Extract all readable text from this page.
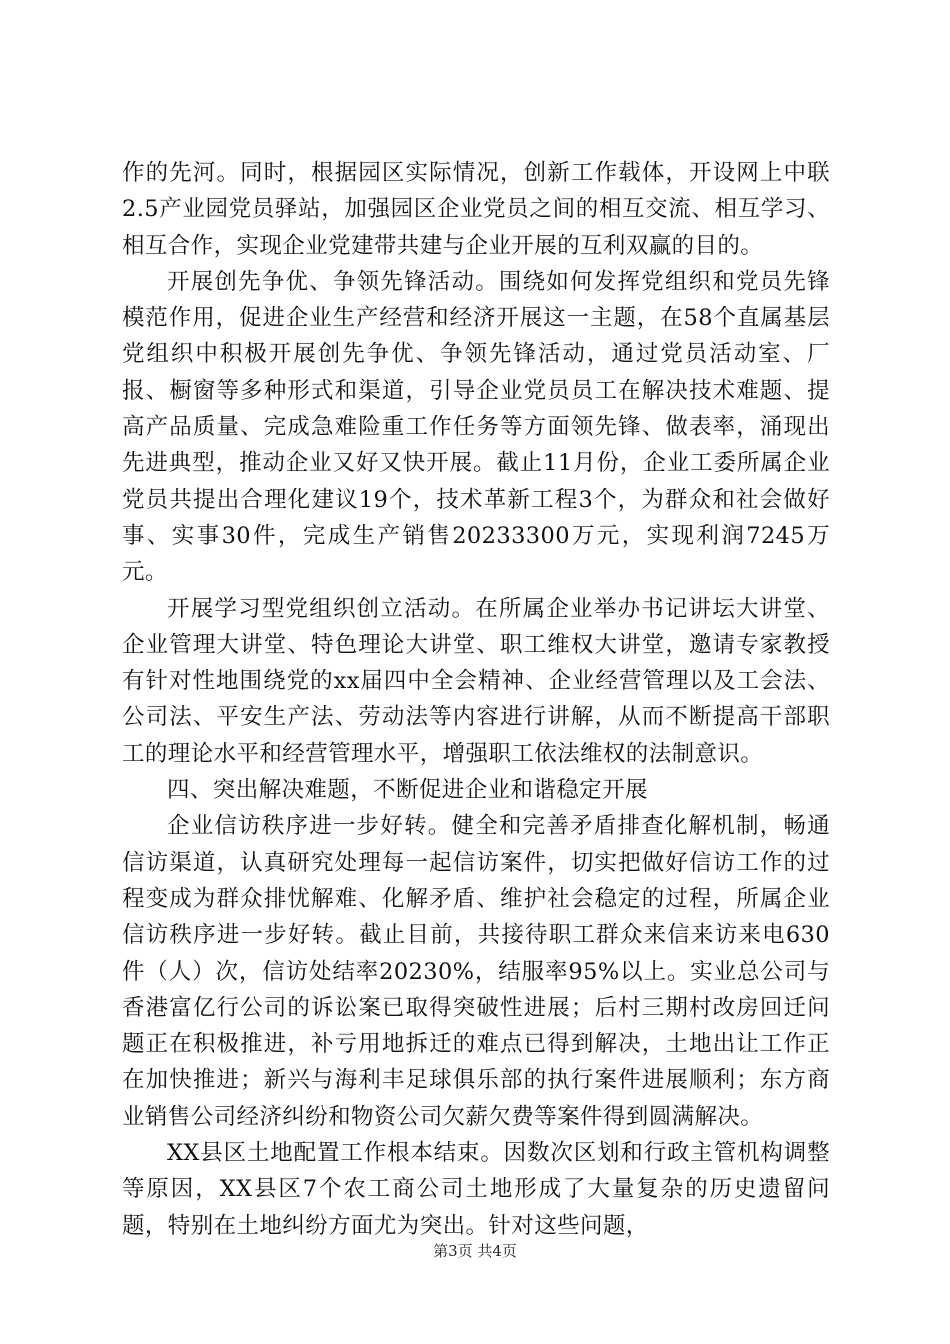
作的先河。同时，根据园区实际情况，创新工作载体，开设网上中联2.5产业园党员驿站，加强园区企业党员之间的相互交流、相互学习、相互合作，实现企业党建带共建与企业开展的互利双赢的目的。

开展创先争优、争领先锋活动。围绕如何发挥党组织和党员先锋模范作用，促进企业生产经营和经济开展这一主题，在58个直属基层党组织中积极开展创先争优、争领先锋活动，通过党员活动室、厂报、橱窗等多种形式和渠道，引导企业党员员工在解决技术难题、提高产品质量、完成急难险重工作任务等方面领先锋、做表率，涌现出先进典型，推动企业又好又快开展。截止11月份，企业工委所属企业党员共提出合理化建议19个，技术革新工程3个，为群众和社会做好事、实事30件，完成生产销售20233300万元，实现利润7245万元。

开展学习型党组织创立活动。在所属企业举办书记讲坛大讲堂、企业管理大讲堂、特色理论大讲堂、职工维权大讲堂，邀请专家教授有针对性地围绕党的xx届四中全会精神、企业经营管理以及工会法、公司法、平安生产法、劳动法等内容进行讲解，从而不断提高干部职工的理论水平和经营管理水平，增强职工依法维权的法制意识。

四、突出解决难题，不断促进企业和谐稳定开展

企业信访秩序进一步好转。健全和完善矛盾排查化解机制，畅通信访渠道，认真研究处理每一起信访案件，切实把做好信访工作的过程变成为群众排忧解难、化解矛盾、维护社会稳定的过程，所属企业信访秩序进一步好转。截止目前，共接待职工群众来信来访来电630件（人）次，信访处结率20230%，结服率95%以上。实业总公司与香港富亿行公司的诉讼案已取得突破性进展；后村三期村改房回迁问题正在积极推进，补亏用地拆迁的难点已得到解决，土地出让工作正在加快推进；新兴与海利丰足球俱乐部的执行案件进展顺利；东方商业销售公司经济纠纷和物资公司欠薪欠费等案件得到圆满解决。

XX县区土地配置工作根本结束。因数次区划和行政主管机构调整等原因，XX县区7个农工商公司土地形成了大量复杂的历史遗留问题，特别在土地纠纷方面尤为突出。针对这些问题，

第3页 共4页
